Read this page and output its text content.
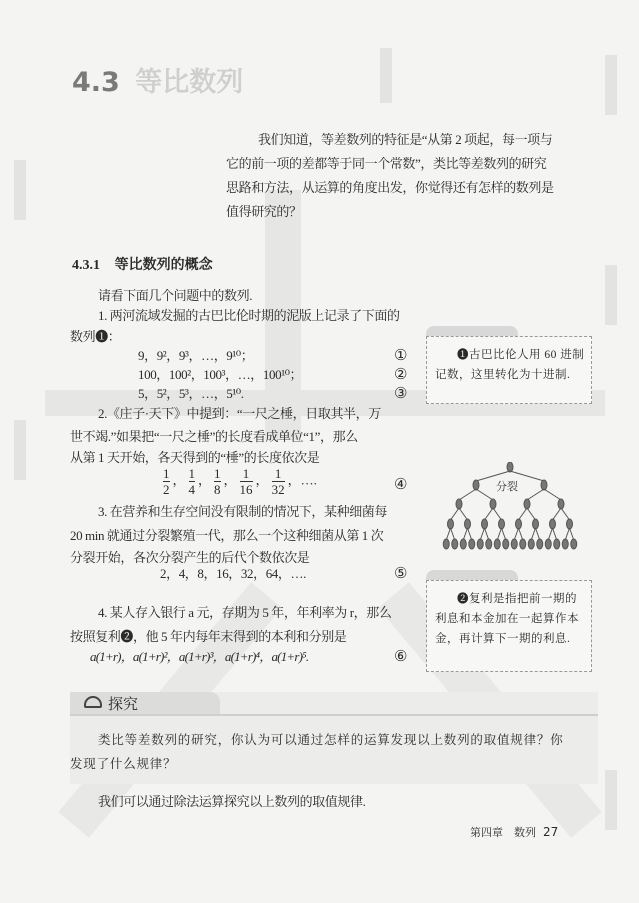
4.3 等比数列
我们知道，等差数列的特征是“从第 2 项起，每一项与
它的前一项的差都等于同一个常数”，类比等差数列的研究
思路和方法，从运算的角度出发，你觉得还有怎样的数列是
值得研究的？
4.3.1 等比数列的概念
请看下面几个问题中的数列.
1. 两河流域发掘的古巴比伦时期的泥版上记录了下面的
数列❶：
9，9²，9³，…，9¹⁰；	①
100，100²，100³，…，100¹⁰；	②
5，5²，5³，…，5¹⁰.	③
2.《庄子·天下》中提到：“一尺之棰，日取其半，万
世不竭.”如果把“一尺之棰”的长度看成单位“1”，那么
从第 1 天开始，各天得到的“棰”的长度依次是
$\frac{1}{2}$ ， $\frac{1}{4}$ ， $\frac{1}{8}$ ， $\frac{1}{16}$ ， $\frac{1}{32}$ ，….	④
3. 在营养和生存空间没有限制的情况下，某种细菌每
20 min 就通过分裂繁殖一代，那么一个这种细菌从第 1 次
分裂开始，各次分裂产生的后代个数依次是
2，4，8，16，32，64，….	⑤
4. 某人存入银行 a 元，存期为 5 年，年利率为 r，那么
按照复利❷，他 5 年内每年末得到的本利和分别是
a(1+r)，a(1+r)²，a(1+r)³，a(1+r)⁴，a(1+r)⁵.	⑥
❶古巴比伦人用 60 进制记数，这里转化为十进制.
分裂
❷复利是指把前一期的利息和本金加在一起算作本金，再计算下一期的利息.
探究
类比等差数列的研究，你认为可以通过怎样的运算发现以上数列的取值规律？你
发现了什么规律？
我们可以通过除法运算探究以上数列的取值规律.
第四章　数列 27
